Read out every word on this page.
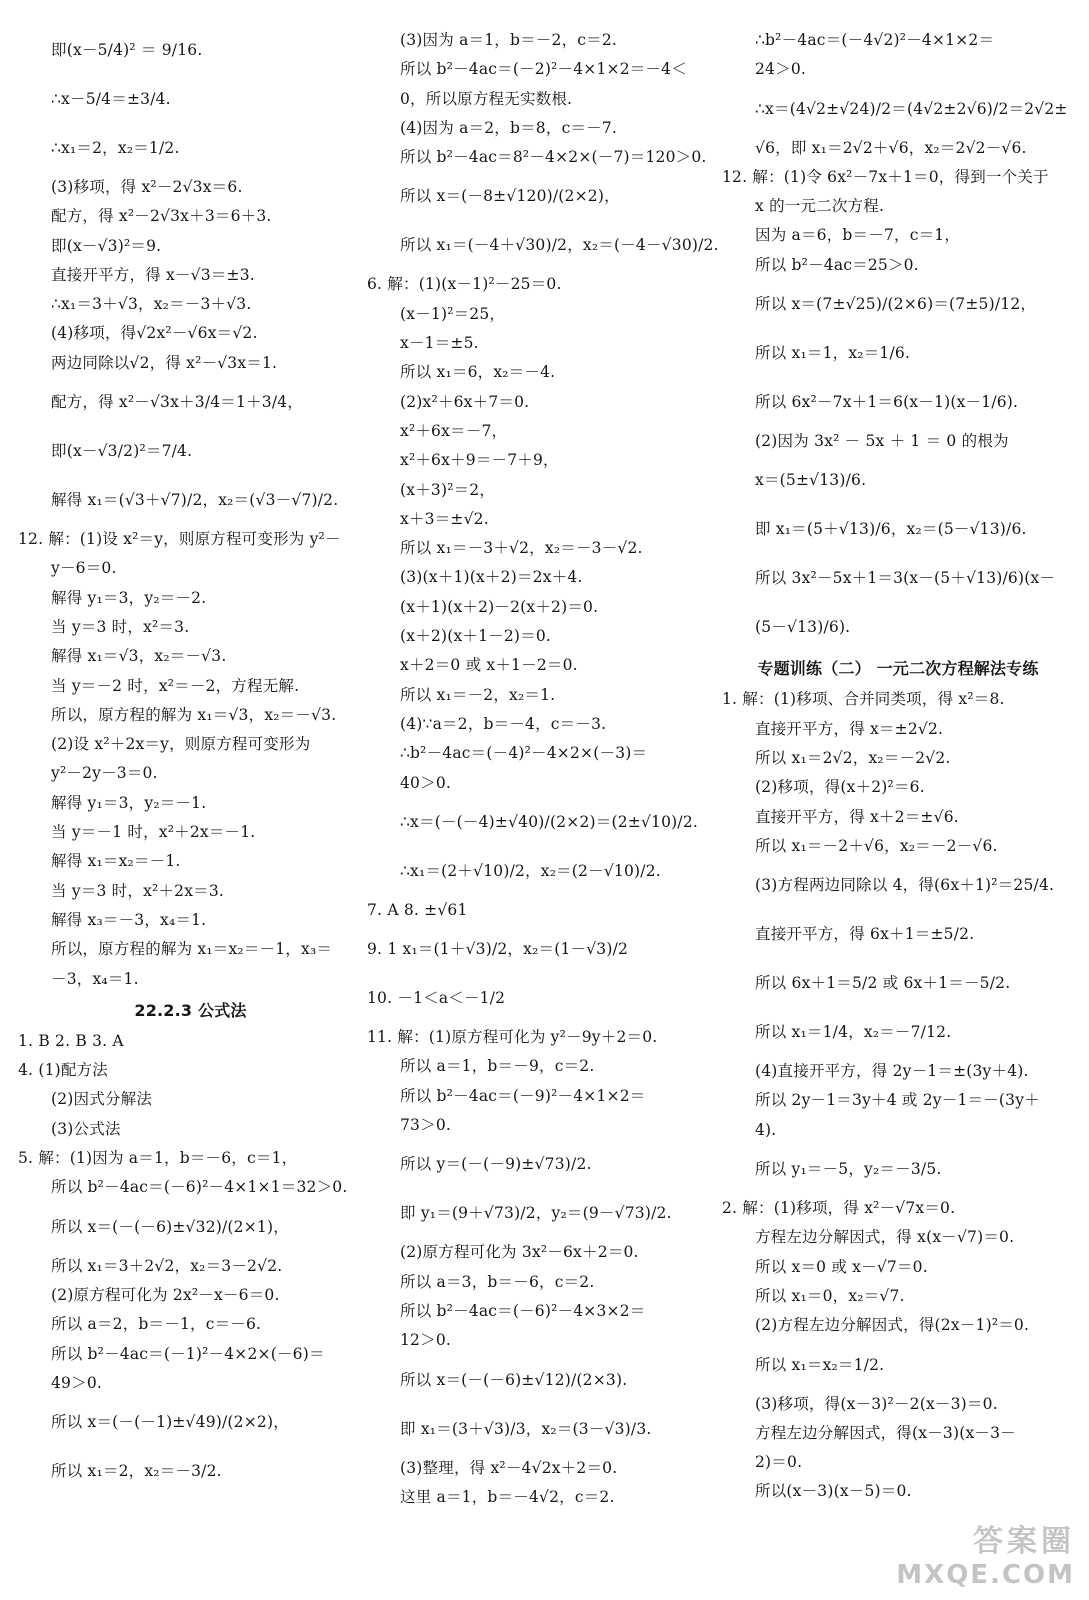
即(x－5/4)² ＝ 9/16.
∴x－5/4＝±3/4.
∴x₁＝2，x₂＝1/2.
(3)移项，得 x²－2√3x＝6.
配方，得 x²－2√3x＋3＝6＋3.
即(x－√3)²＝9.
直接开平方，得 x－√3＝±3.
∴x₁＝3＋√3，x₂＝－3＋√3.
(4)移项，得√2x²－√6x＝√2.
两边同除以√2，得 x²－√3x＝1.
配方，得 x²－√3x＋3/4＝1＋3/4，
即(x－√3/2)²＝7/4.
解得 x₁＝(√3＋√7)/2，x₂＝(√3－√7)/2.
12. 解：(1)设 x²＝y，则原方程可变形为 y²－
y－6＝0.
解得 y₁＝3，y₂＝－2.
当 y＝3 时，x²＝3.
解得 x₁＝√3，x₂＝－√3.
当 y＝－2 时，x²＝－2，方程无解.
所以，原方程的解为 x₁＝√3，x₂＝－√3.
(2)设 x²＋2x＝y，则原方程可变形为
y²－2y－3＝0.
解得 y₁＝3，y₂＝－1.
当 y＝－1 时，x²＋2x＝－1.
解得 x₁＝x₂＝－1.
当 y＝3 时，x²＋2x＝3.
解得 x₃＝－3，x₄＝1.
所以，原方程的解为 x₁＝x₂＝－1，x₃＝
－3，x₄＝1.
22.2.3 公式法
1. B 2. B 3. A
4. (1)配方法
(2)因式分解法
(3)公式法
5. 解：(1)因为 a＝1，b＝－6，c＝1，
所以 b²－4ac＝(－6)²－4×1×1＝32＞0.
所以 x＝(－(－6)±√32)/(2×1)，
所以 x₁＝3＋2√2，x₂＝3－2√2.
(2)原方程可化为 2x²－x－6＝0.
所以 a＝2，b＝－1，c＝－6.
所以 b²－4ac＝(－1)²－4×2×(－6)＝
49＞0.
所以 x＝(－(－1)±√49)/(2×2)，
所以 x₁＝2，x₂＝－3/2.
(3)因为 a＝1，b＝－2，c＝2.
所以 b²－4ac＝(－2)²－4×1×2＝－4＜
0，所以原方程无实数根.
(4)因为 a＝2，b＝8，c＝－7.
所以 b²－4ac＝8²－4×2×(－7)＝120＞0.
所以 x＝(－8±√120)/(2×2)，
所以 x₁＝(－4＋√30)/2，x₂＝(－4－√30)/2.
6. 解：(1)(x－1)²－25＝0.
(x－1)²＝25，
x－1＝±5.
所以 x₁＝6，x₂＝－4.
(2)x²＋6x＋7＝0.
x²＋6x＝－7，
x²＋6x＋9＝－7＋9，
(x＋3)²＝2，
x＋3＝±√2.
所以 x₁＝－3＋√2，x₂＝－3－√2.
(3)(x＋1)(x＋2)＝2x＋4.
(x＋1)(x＋2)－2(x＋2)＝0.
(x＋2)(x＋1－2)＝0.
x＋2＝0 或 x＋1－2＝0.
所以 x₁＝－2，x₂＝1.
(4)∵a＝2，b＝－4，c＝－3.
∴b²－4ac＝(－4)²－4×2×(－3)＝
40＞0.
∴x＝(－(－4)±√40)/(2×2)＝(2±√10)/2.
∴x₁＝(2＋√10)/2，x₂＝(2－√10)/2.
7. A 8. ±√61
9. 1 x₁＝(1＋√3)/2，x₂＝(1－√3)/2
10. －1＜a＜－1/2
11. 解：(1)原方程可化为 y²－9y＋2＝0.
所以 a＝1，b＝－9，c＝2.
所以 b²－4ac＝(－9)²－4×1×2＝
73＞0.
所以 y＝(－(－9)±√73)/2.
即 y₁＝(9＋√73)/2，y₂＝(9－√73)/2.
(2)原方程可化为 3x²－6x＋2＝0.
所以 a＝3，b＝－6，c＝2.
所以 b²－4ac＝(－6)²－4×3×2＝
12＞0.
所以 x＝(－(－6)±√12)/(2×3).
即 x₁＝(3＋√3)/3，x₂＝(3－√3)/3.
(3)整理，得 x²－4√2x＋2＝0.
这里 a＝1，b＝－4√2，c＝2.
∴b²－4ac＝(－4√2)²－4×1×2＝
24＞0.
∴x＝(4√2±√24)/2＝(4√2±2√6)/2＝2√2±
√6，即 x₁＝2√2＋√6，x₂＝2√2－√6.
12. 解：(1)令 6x²－7x＋1＝0，得到一个关于
x 的一元二次方程.
因为 a＝6，b＝－7，c＝1，
所以 b²－4ac＝25＞0.
所以 x＝(7±√25)/(2×6)＝(7±5)/12，
所以 x₁＝1，x₂＝1/6.
所以 6x²－7x＋1＝6(x－1)(x－1/6).
(2)因为 3x² － 5x ＋ 1 ＝ 0 的根为
x＝(5±√13)/6.
即 x₁＝(5＋√13)/6，x₂＝(5－√13)/6.
所以 3x²－5x＋1＝3(x－(5＋√13)/6)(x－
(5－√13)/6).
专题训练（二） 一元二次方程解法专练
1. 解：(1)移项、合并同类项，得 x²＝8.
直接开平方，得 x＝±2√2.
所以 x₁＝2√2，x₂＝－2√2.
(2)移项，得(x＋2)²＝6.
直接开平方，得 x＋2＝±√6.
所以 x₁＝－2＋√6，x₂＝－2－√6.
(3)方程两边同除以 4，得(6x＋1)²＝25/4.
直接开平方，得 6x＋1＝±5/2.
所以 6x＋1＝5/2 或 6x＋1＝－5/2.
所以 x₁＝1/4，x₂＝－7/12.
(4)直接开平方，得 2y－1＝±(3y＋4).
所以 2y－1＝3y＋4 或 2y－1＝－(3y＋
4).
所以 y₁＝－5，y₂＝－3/5.
2. 解：(1)移项，得 x²－√7x＝0.
方程左边分解因式，得 x(x－√7)＝0.
所以 x＝0 或 x－√7＝0.
所以 x₁＝0，x₂＝√7.
(2)方程左边分解因式，得(2x－1)²＝0.
所以 x₁＝x₂＝1/2.
(3)移项，得(x－3)²－2(x－3)＝0.
方程左边分解因式，得(x－3)(x－3－
2)＝0.
所以(x－3)(x－5)＝0.
答案圈
MXQE.COM
